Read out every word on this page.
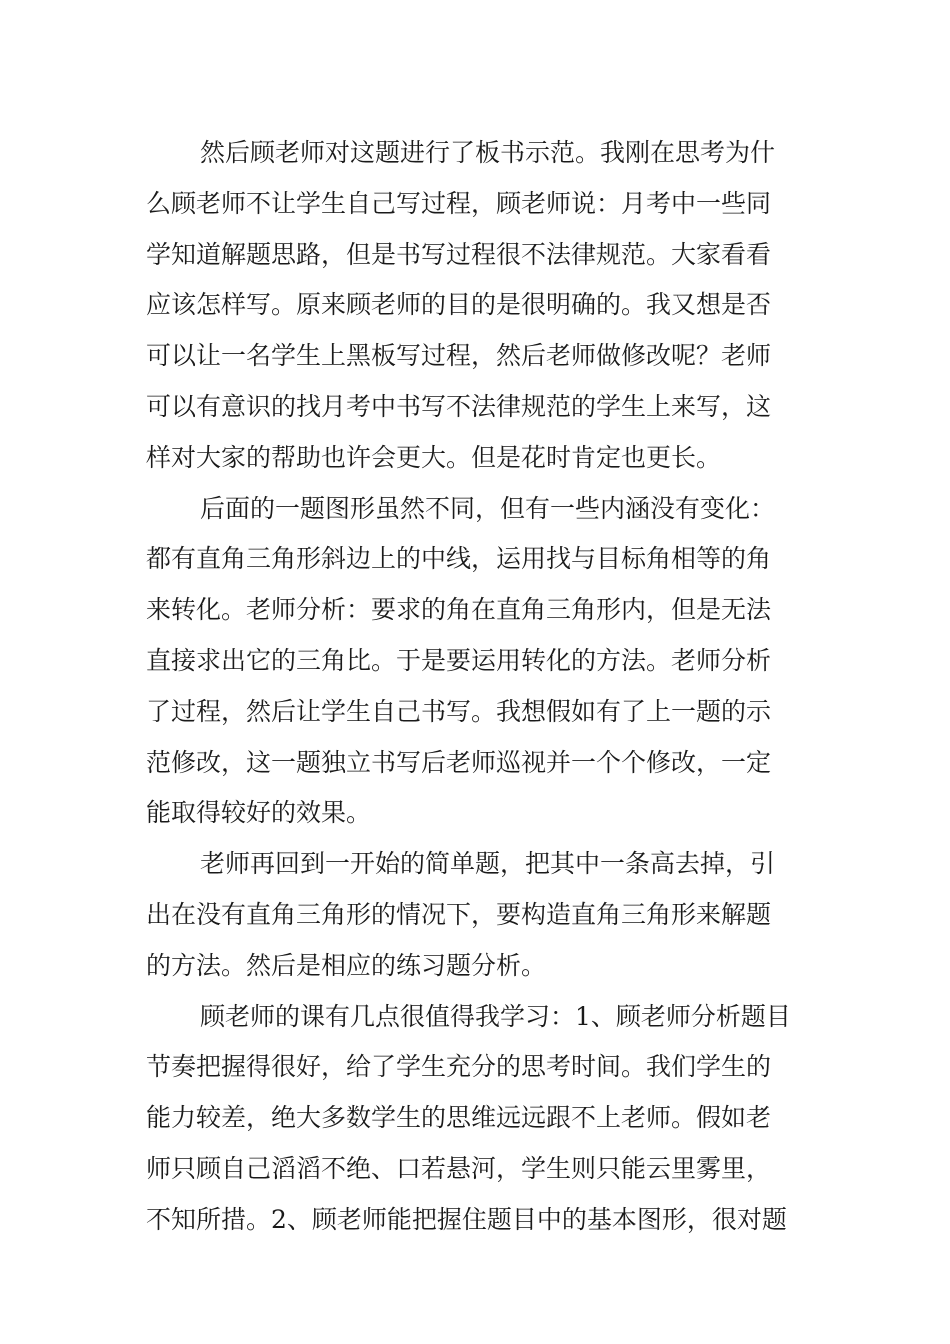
然后顾老师对这题进行了板书示范。我刚在思考为什
么顾老师不让学生自己写过程，顾老师说：月考中一些同
学知道解题思路，但是书写过程很不法律规范。大家看看
应该怎样写。原来顾老师的目的是很明确的。我又想是否
可以让一名学生上黑板写过程，然后老师做修改呢？老师
可以有意识的找月考中书写不法律规范的学生上来写，这
样对大家的帮助也许会更大。但是花时肯定也更长。
后面的一题图形虽然不同，但有一些内涵没有变化：
都有直角三角形斜边上的中线，运用找与目标角相等的角
来转化。老师分析：要求的角在直角三角形内，但是无法
直接求出它的三角比。于是要运用转化的方法。老师分析
了过程，然后让学生自己书写。我想假如有了上一题的示
范修改，这一题独立书写后老师巡视并一个个修改，一定
能取得较好的效果。
老师再回到一开始的简单题，把其中一条高去掉，引
出在没有直角三角形的情况下，要构造直角三角形来解题
的方法。然后是相应的练习题分析。
顾老师的课有几点很值得我学习：1、顾老师分析题目
节奏把握得很好，给了学生充分的思考时间。我们学生的
能力较差，绝大多数学生的思维远远跟不上老师。假如老
师只顾自己滔滔不绝、口若悬河，学生则只能云里雾里，
不知所措。2、顾老师能把握住题目中的基本图形，很对题
